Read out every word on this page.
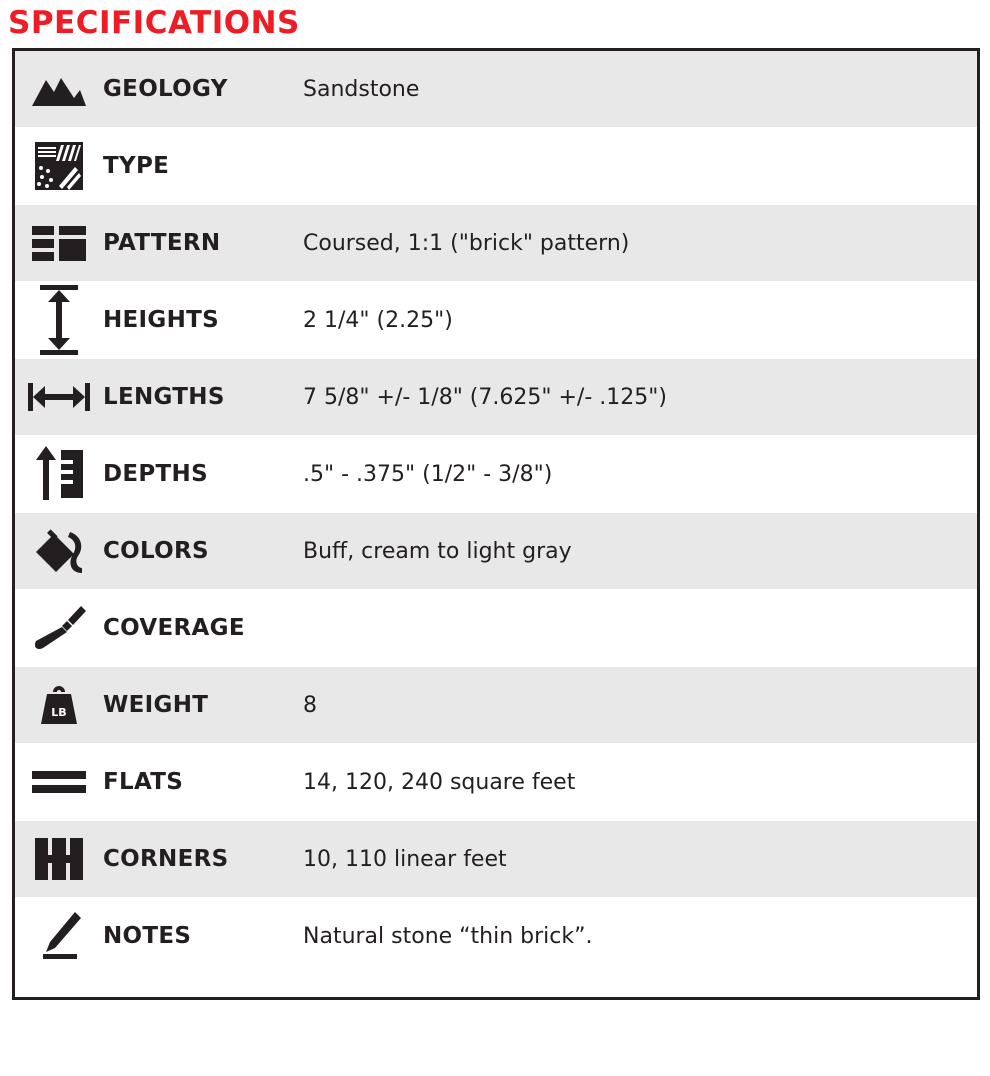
SPECIFICATIONS
GEOLOGY	Sandstone
TYPE
PATTERN	Coursed, 1:1 ("brick" pattern)
HEIGHTS	2 1/4" (2.25")
LENGTHS	7 5/8" +/- 1/8" (7.625" +/- .125")
DEPTHS	.5" - .375" (1/2" - 3/8")
COLORS	Buff, cream to light gray
COVERAGE
LB WEIGHT	8
FLATS	14, 120, 240 square feet
CORNERS	10, 110 linear feet
NOTES	Natural stone “thin brick”.
